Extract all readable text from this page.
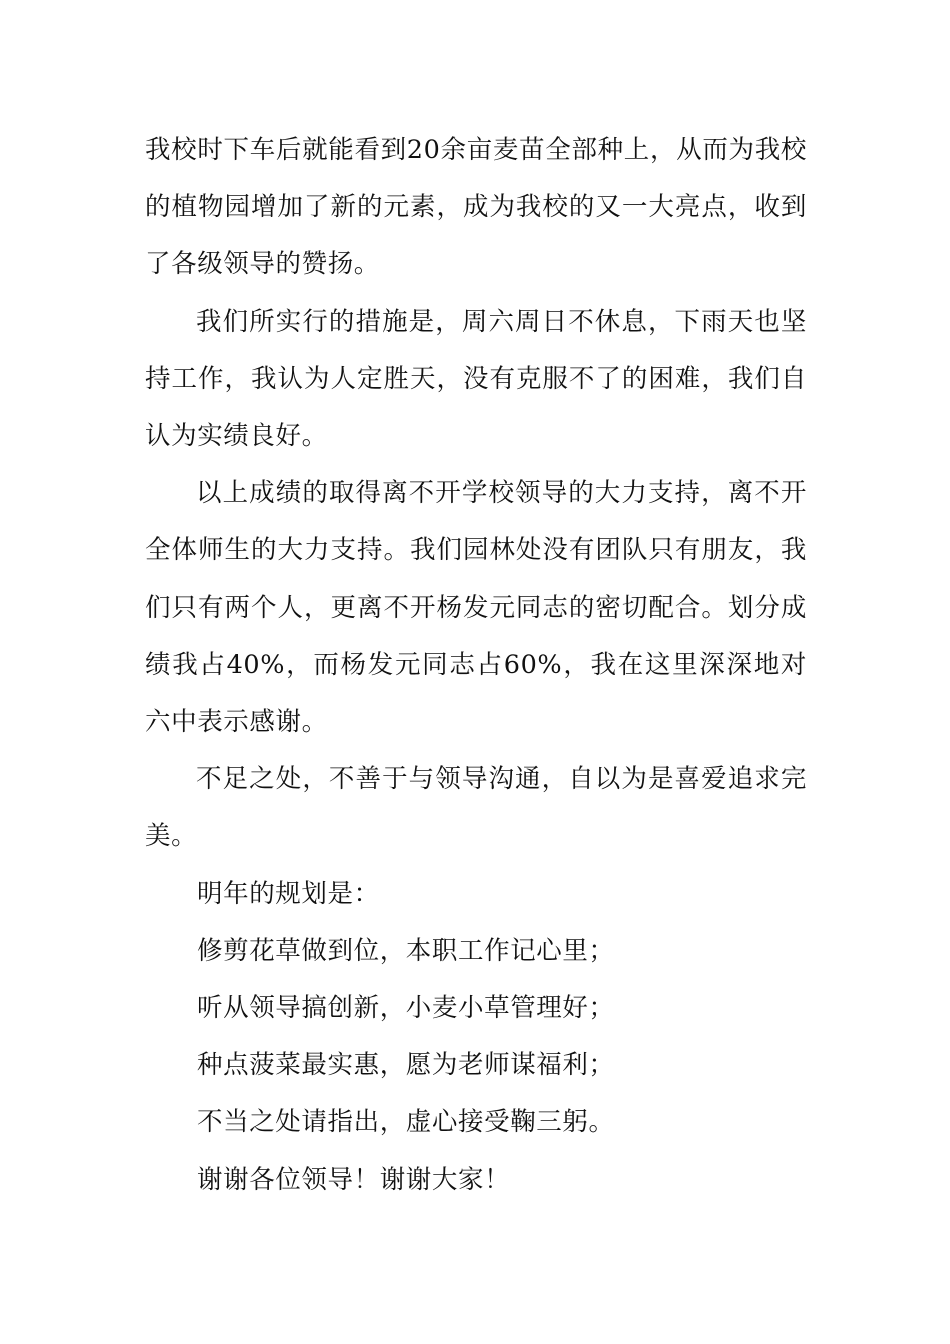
我校时下车后就能看到20余亩麦苗全部种上，从而为我校的植物园增加了新的元素，成为我校的又一大亮点，收到了各级领导的赞扬。

我们所实行的措施是，周六周日不休息，下雨天也坚持工作，我认为人定胜天，没有克服不了的困难，我们自认为实绩良好。

以上成绩的取得离不开学校领导的大力支持，离不开全体师生的大力支持。我们园林处没有团队只有朋友，我们只有两个人，更离不开杨发元同志的密切配合。划分成绩我占40%，而杨发元同志占60%，我在这里深深地对六中表示感谢。

不足之处，不善于与领导沟通，自以为是喜爱追求完美。

明年的规划是：

修剪花草做到位，本职工作记心里；

听从领导搞创新，小麦小草管理好；

种点菠菜最实惠，愿为老师谋福利；

不当之处请指出，虚心接受鞠三躬。

谢谢各位领导！谢谢大家！
